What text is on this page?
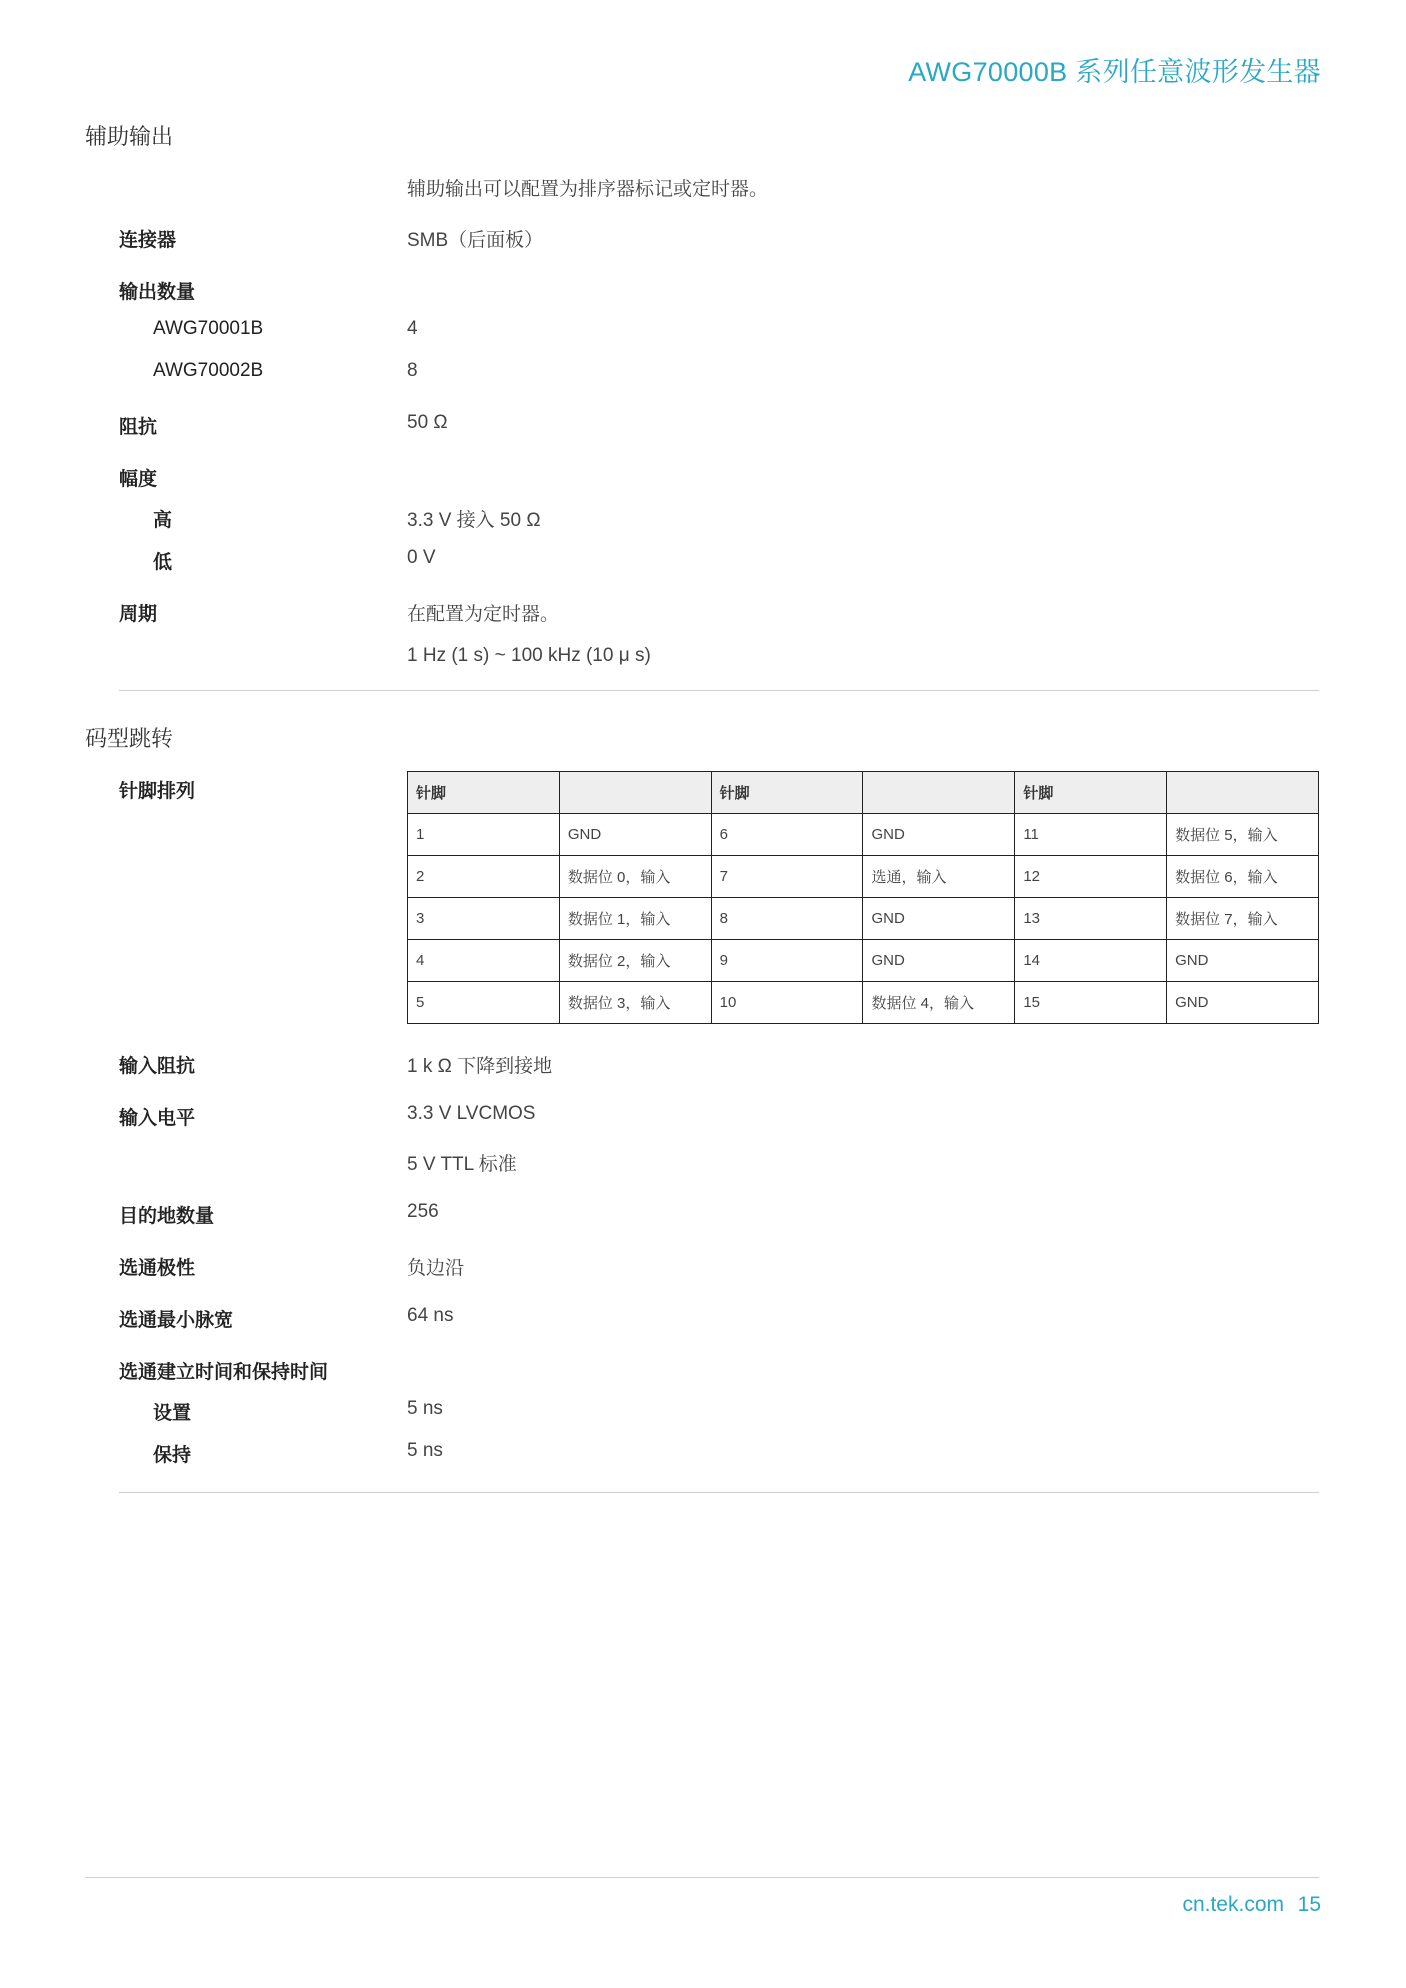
AWG70000B 系列任意波形发生器
辅助输出
辅助输出可以配置为排序器标记或定时器。
连接器	SMB（后面板）
输出数量
AWG70001B	4
AWG70002B	8
阻抗	50 Ω
幅度
高	3.3 V 接入 50 Ω
低	0 V
周期	在配置为定时器。
1 Hz (1 s) ~ 100 kHz (10 μ s)
码型跳转
针脚排列	针脚		针脚		针脚	
1	GND	6	GND	11	数据位 5，输入
2	数据位 0，输入	7	选通，输入	12	数据位 6，输入
3	数据位 1，输入	8	GND	13	数据位 7，输入
4	数据位 2，输入	9	GND	14	GND
5	数据位 3，输入	10	数据位 4，输入	15	GND
输入阻抗	1 k Ω 下降到接地
输入电平	3.3 V LVCMOS
5 V TTL 标准
目的地数量	256
选通极性	负边沿
选通最小脉宽	64 ns
选通建立时间和保持时间
设置	5 ns
保持	5 ns
cn.tek.com 15
